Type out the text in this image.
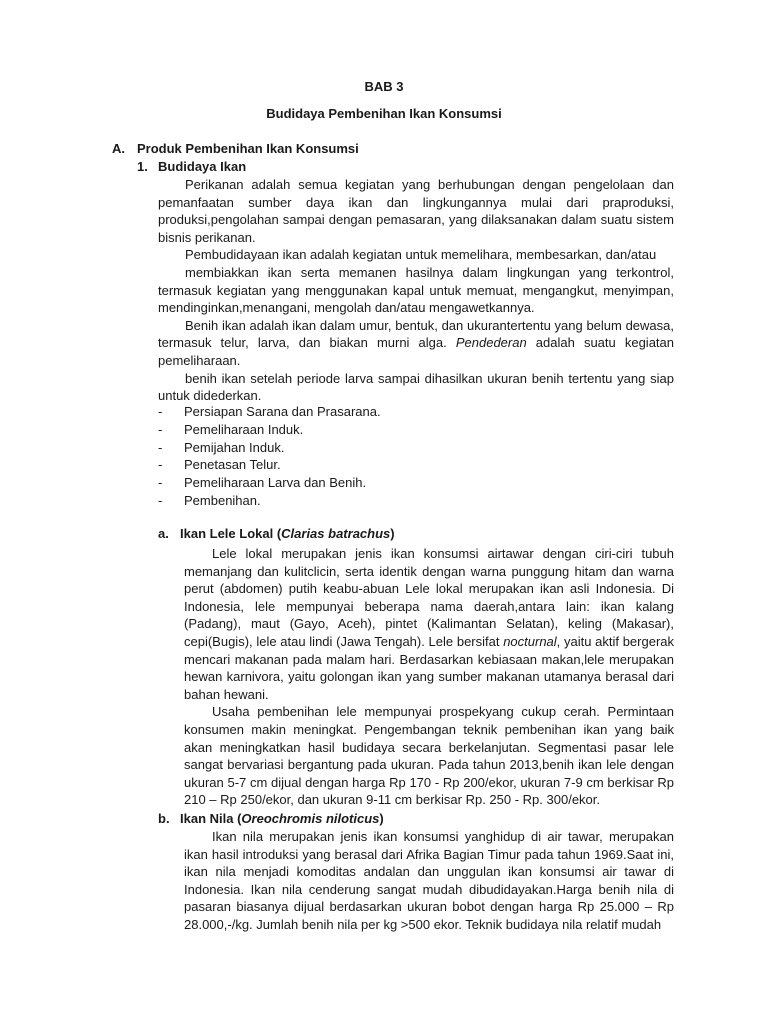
BAB 3
Budidaya Pembenihan Ikan Konsumsi
A. Produk Pembenihan Ikan Konsumsi
1. Budidaya Ikan

Perikanan adalah semua kegiatan yang berhubungan dengan pengelolaan dan pemanfaatan sumber daya ikan dan lingkungannya mulai dari praproduksi, produksi,pengolahan sampai dengan pemasaran, yang dilaksanakan dalam suatu sistem bisnis perikanan.

Pembudidayaan ikan adalah kegiatan untuk memelihara, membesarkan, dan/atau

membiakkan ikan serta memanen hasilnya dalam lingkungan yang terkontrol, termasuk kegiatan yang menggunakan kapal untuk memuat, mengangkut, menyimpan, mendinginkan,menangani, mengolah dan/atau mengawetkannya.

Benih ikan adalah ikan dalam umur, bentuk, dan ukurantertentu yang belum dewasa, termasuk telur, larva, dan biakan murni alga. Pendederan adalah suatu kegiatan pemeliharaan.

benih ikan setelah periode larva sampai dihasilkan ukuran benih tertentu yang siap untuk didederkan.

- Persiapan Sarana dan Prasarana.
- Pemeliharaan Induk.
- Pemijahan Induk.
- Penetasan Telur.
- Pemeliharaan Larva dan Benih.
- Pembenihan.
a. Ikan Lele Lokal (Clarias batrachus)

Lele lokal merupakan jenis ikan konsumsi airtawar dengan ciri-ciri tubuh memanjang dan kulitclicin, serta identik dengan warna punggung hitam dan warna perut (abdomen) putih keabu-abuan Lele lokal merupakan ikan asli Indonesia. Di Indonesia, lele mempunyai beberapa nama daerah,antara lain: ikan kalang (Padang), maut (Gayo, Aceh), pintet (Kalimantan Selatan), keling (Makasar), cepi(Bugis), lele atau lindi (Jawa Tengah). Lele bersifat nocturnal, yaitu aktif bergerak mencari makanan pada malam hari. Berdasarkan kebiasaan makan,lele merupakan hewan karnivora, yaitu golongan ikan yang sumber makanan utamanya berasal dari bahan hewani.

Usaha pembenihan lele mempunyai prospekyang cukup cerah. Permintaan konsumen makin meningkat. Pengembangan teknik pembenihan ikan yang baik akan meningkatkan hasil budidaya secara berkelanjutan. Segmentasi pasar lele sangat bervariasi bergantung pada ukuran. Pada tahun 2013,benih ikan lele dengan ukuran 5-7 cm dijual dengan harga Rp 170 - Rp 200/ekor, ukuran 7-9 cm berkisar Rp 210 – Rp 250/ekor, dan ukuran 9-11 cm berkisar Rp. 250 - Rp. 300/ekor.

b. Ikan Nila (Oreochromis niloticus)

Ikan nila merupakan jenis ikan konsumsi yanghidup di air tawar, merupakan ikan hasil introduksi yang berasal dari Afrika Bagian Timur pada tahun 1969.Saat ini, ikan nila menjadi komoditas andalan dan unggulan ikan konsumsi air tawar di Indonesia. Ikan nila cenderung sangat mudah dibudidayakan.Harga benih nila di pasaran biasanya dijual berdasarkan ukuran bobot dengan harga Rp 25.000 – Rp 28.000,-/kg. Jumlah benih nila per kg >500 ekor. Teknik budidaya nila relatif mudah
